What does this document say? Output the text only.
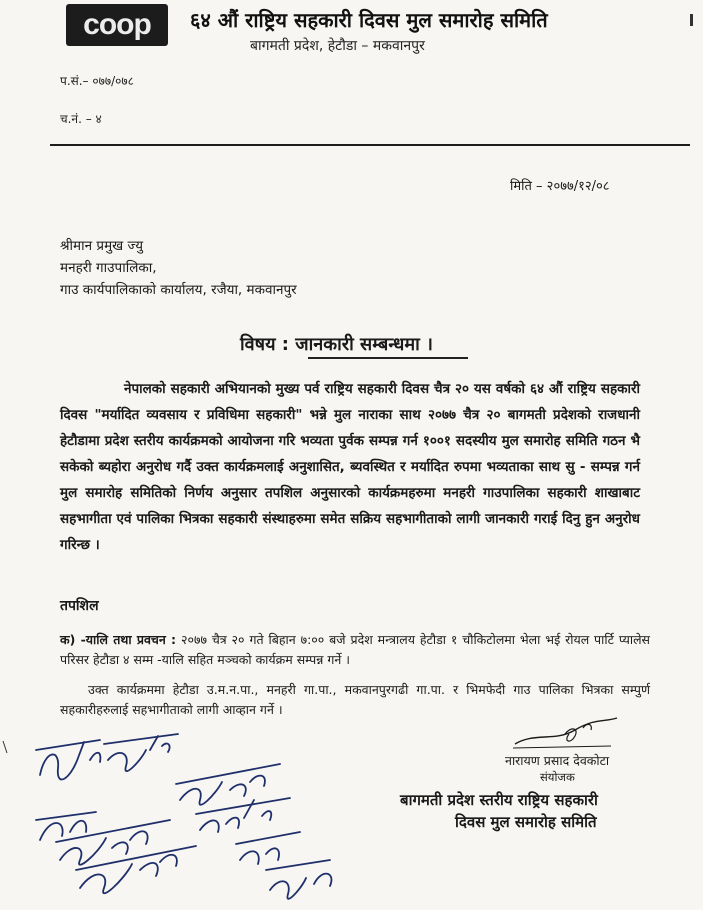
coop	६४ औं राष्ट्रिय सहकारी दिवस मुल समारोह समिति
बागमती प्रदेश, हेटौडा – मकवानपुर
प.सं.– ०७७/०७८
च.नं. – ४
मिति – २०७७/१२/०८
श्रीमान प्रमुख ज्यु
मनहरी गाउपालिका,
गाउ कार्यपालिकाको कार्यालय, रजैया, मकवानपुर
विषय : जानकारी सम्बन्धमा ।
नेपालको सहकारी अभियानको मुख्य पर्व राष्ट्रिय सहकारी दिवस चैत्र २० यस वर्षको ६४ औं राष्ट्रिय सहकारी दिवस "मर्यादित व्यवसाय र प्रविधिमा सहकारी" भन्ने मुल नाराका साथ २०७७ चैत्र २० बागमती प्रदेशको राजधानी हेटौडामा प्रदेश स्तरीय कार्यक्रमको आयोजना गरि भव्यता पुर्वक सम्पन्न गर्न १००१ सदस्यीय मुल समारोह समिति गठन भै सकेको ब्यहोरा अनुरोध गर्दै उक्त कार्यक्रमलाई अनुशासित, ब्यवस्थित र मर्यादित रुपमा भव्यताका साथ सु - सम्पन्न गर्न मुल समारोह समितिको निर्णय अनुसार तपशिल अनुसारको कार्यक्रमहरुमा मनहरी गाउपालिका सहकारी शाखाबाट सहभागीता एवं पालिका भित्रका सहकारी संस्थाहरुमा समेत सक्रिय सहभागीताको लागी जानकारी गराई दिनु हुन अनुरोध गरिन्छ ।
तपशिल
क) -यालि तथा प्रवचन : २०७७ चैत्र २० गते बिहान ७:०० बजे प्रदेश मन्त्रालय हेटौडा १ चौकिटोलमा भेला भई रोयल पार्टि प्यालेस परिसर हेटौडा ४ सम्म -यालि सहित मञ्चको कार्यक्रम सम्पन्न गर्ने ।
उक्त कार्यक्रममा हेटौडा उ.म.न.पा., मनहरी गा.पा., मकवानपुरगढी गा.पा. र भिमफेदी गाउ पालिका भित्रका सम्पुर्ण सहकारीहरुलाई सहभागीताको लागी आव्हान गर्ने ।
नारायण प्रसाद देवकोटा
संयोजक
बागमती प्रदेश स्तरीय राष्ट्रिय सहकारी
दिवस मुल समारोह समिति
